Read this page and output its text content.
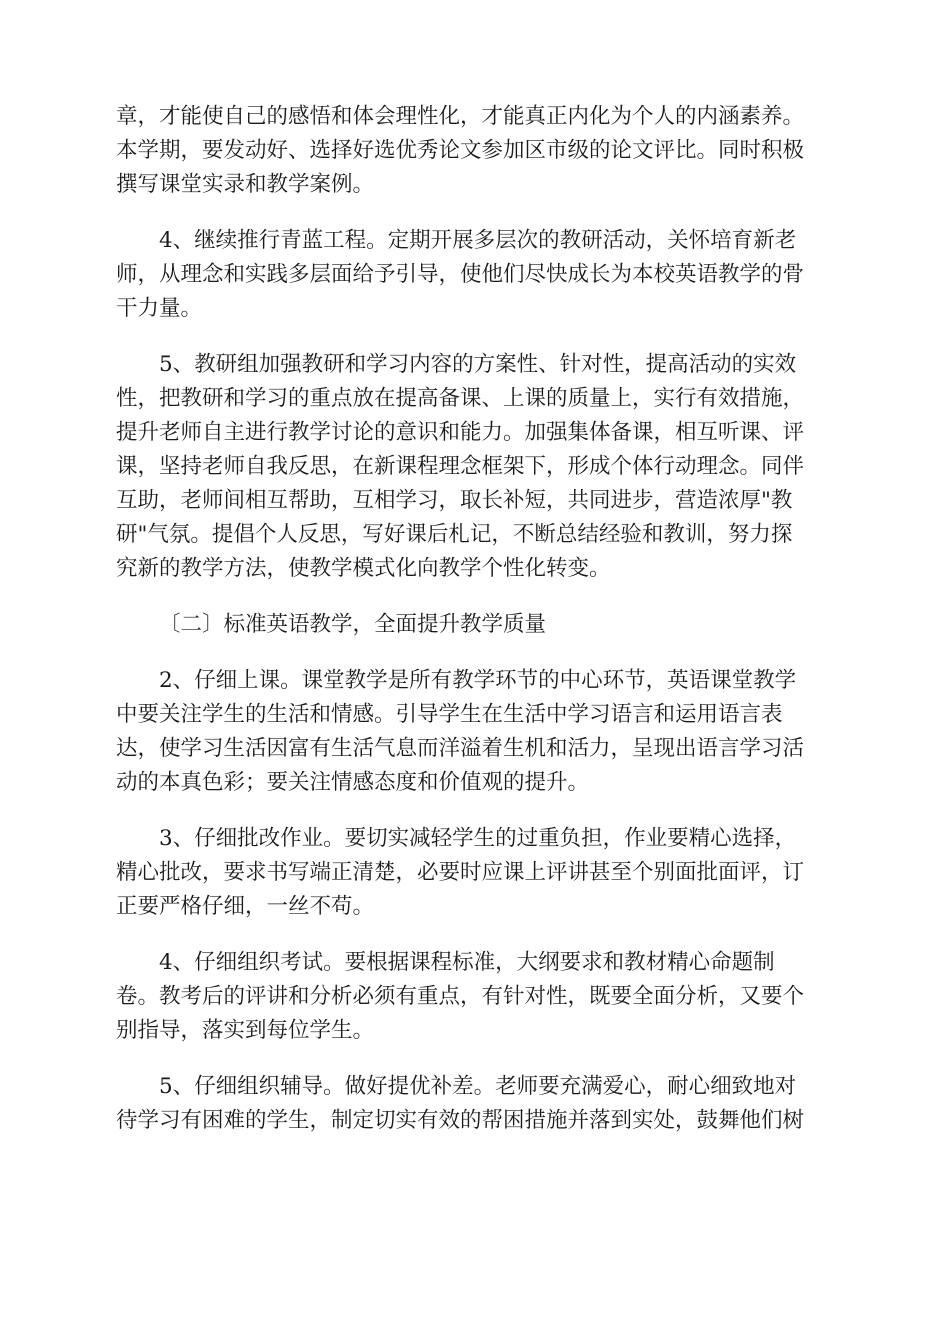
章，才能使自己的感悟和体会理性化，才能真正内化为个人的内涵素养。
本学期，要发动好、选择好选优秀论文参加区市级的论文评比。同时积极
撰写课堂实录和教学案例。

4、继续推行青蓝工程。定期开展多层次的教研活动，关怀培育新老
师，从理念和实践多层面给予引导，使他们尽快成长为本校英语教学的骨
干力量。

5、教研组加强教研和学习内容的方案性、针对性，提高活动的实效
性，把教研和学习的重点放在提高备课、上课的质量上，实行有效措施，
提升老师自主进行教学讨论的意识和能力。加强集体备课，相互听课、评
课，坚持老师自我反思，在新课程理念框架下，形成个体行动理念。同伴
互助，老师间相互帮助，互相学习，取长补短，共同进步，营造浓厚"教
研"气氛。提倡个人反思，写好课后札记，不断总结经验和教训，努力探
究新的教学方法，使教学模式化向教学个性化转变。

〔二〕标准英语教学，全面提升教学质量

2、仔细上课。课堂教学是所有教学环节的中心环节，英语课堂教学
中要关注学生的生活和情感。引导学生在生活中学习语言和运用语言表
达，使学习生活因富有生活气息而洋溢着生机和活力，呈现出语言学习活
动的本真色彩；要关注情感态度和价值观的提升。

3、仔细批改作业。要切实减轻学生的过重负担，作业要精心选择，
精心批改，要求书写端正清楚，必要时应课上评讲甚至个别面批面评，订
正要严格仔细，一丝不苟。

4、仔细组织考试。要根据课程标准，大纲要求和教材精心命题制
卷。教考后的评讲和分析必须有重点，有针对性，既要全面分析，又要个
别指导，落实到每位学生。

5、仔细组织辅导。做好提优补差。老师要充满爱心，耐心细致地对
待学习有困难的学生，制定切实有效的帮困措施并落到实处，鼓舞他们树
